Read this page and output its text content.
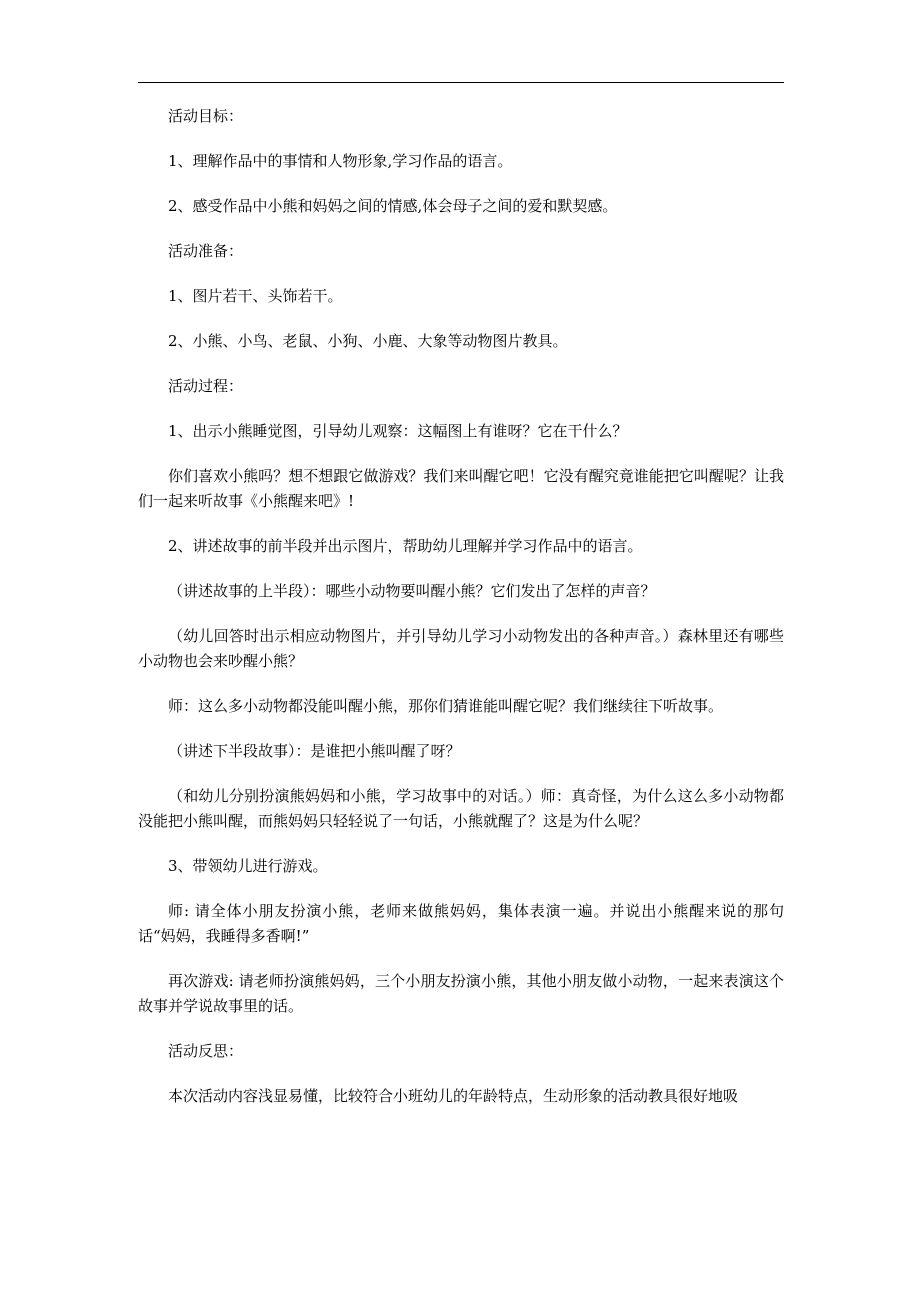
活动目标：

1、理解作品中的事情和人物形象,学习作品的语言。

2、感受作品中小熊和妈妈之间的情感,体会母子之间的爱和默契感。

活动准备：

1、图片若干、头饰若干。

2、小熊、小鸟、老鼠、小狗、小鹿、大象等动物图片教具。

活动过程：

1、出示小熊睡觉图，引导幼儿观察：这幅图上有谁呀？它在干什么？

你们喜欢小熊吗？想不想跟它做游戏？我们来叫醒它吧！它没有醒究竟谁能把它叫醒呢？让我们一起来听故事《小熊醒来吧》!

2、讲述故事的前半段并出示图片，帮助幼儿理解并学习作品中的语言。

（讲述故事的上半段）：哪些小动物要叫醒小熊？它们发出了怎样的声音？

（幼儿回答时出示相应动物图片，并引导幼儿学习小动物发出的各种声音。）森林里还有哪些小动物也会来吵醒小熊？

师：这么多小动物都没能叫醒小熊，那你们猜谁能叫醒它呢？我们继续往下听故事。

（讲述下半段故事）：是谁把小熊叫醒了呀？

（和幼儿分别扮演熊妈妈和小熊，学习故事中的对话。）师：真奇怪，为什么这么多小动物都没能把小熊叫醒，而熊妈妈只轻轻说了一句话，小熊就醒了？这是为什么呢？

3、带领幼儿进行游戏。

师: 请全体小朋友扮演小熊，老师来做熊妈妈，集体表演一遍。并说出小熊醒来说的那句话“妈妈，我睡得多香啊!”

再次游戏: 请老师扮演熊妈妈，三个小朋友扮演小熊，其他小朋友做小动物，一起来表演这个故事并学说故事里的话。

活动反思：

本次活动内容浅显易懂，比较符合小班幼儿的年龄特点，生动形象的活动教具很好地吸
